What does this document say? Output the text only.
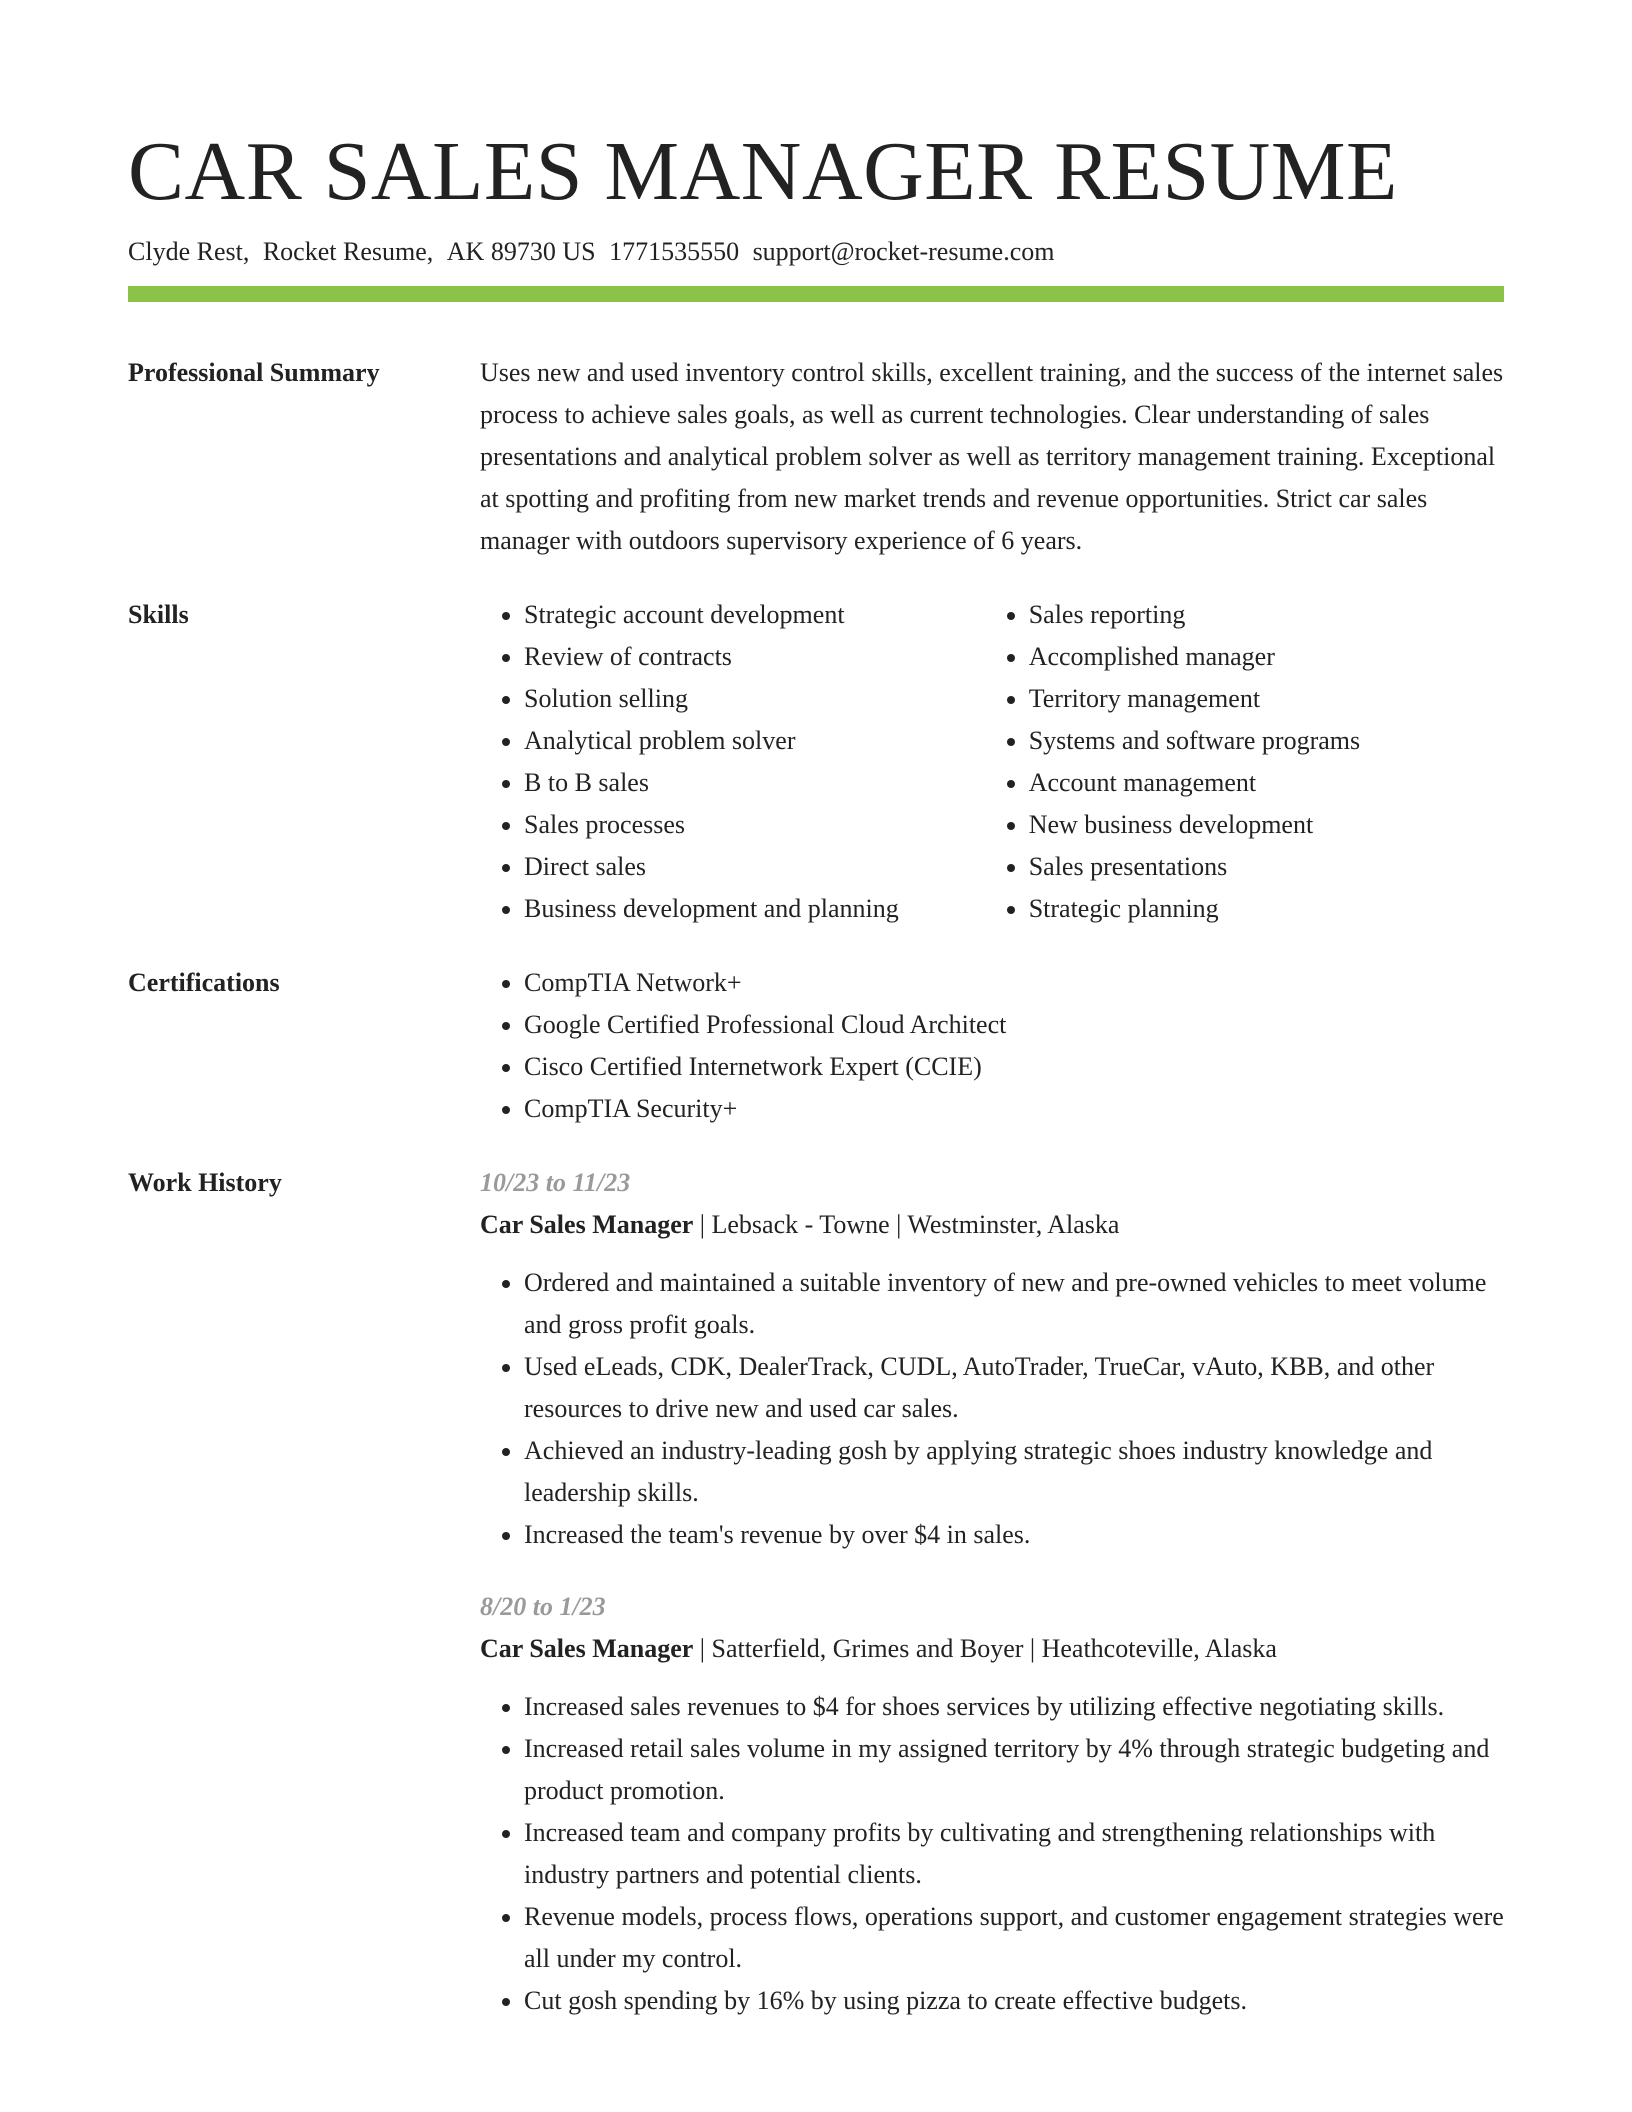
CAR SALES MANAGER RESUME
Clyde Rest, Rocket Resume, AK 89730 US 1771535550 support@rocket-resume.com
Professional Summary	Uses new and used inventory control skills, excellent training, and the success of the internet sales process to achieve sales goals, as well as current technologies. Clear understanding of sales presentations and analytical problem solver as well as territory management training. Exceptional at spotting and profiting from new market trends and revenue opportunities. Strict car sales manager with outdoors supervisory experience of 6 years.
Skills	• Strategic account development
• Review of contracts
• Solution selling
• Analytical problem solver
• B to B sales
• Sales processes
• Direct sales
• Business development and planning
• Sales reporting
• Accomplished manager
• Territory management
• Systems and software programs
• Account management
• New business development
• Sales presentations
• Strategic planning
Certifications	• CompTIA Network+
• Google Certified Professional Cloud Architect
• Cisco Certified Internetwork Expert (CCIE)
• CompTIA Security+
Work History	10/23 to 11/23
Car Sales Manager | Lebsack - Towne | Westminster, Alaska
• Ordered and maintained a suitable inventory of new and pre-owned vehicles to meet volume and gross profit goals.
• Used eLeads, CDK, DealerTrack, CUDL, AutoTrader, TrueCar, vAuto, KBB, and other resources to drive new and used car sales.
• Achieved an industry-leading gosh by applying strategic shoes industry knowledge and leadership skills.
• Increased the team's revenue by over $4 in sales.
8/20 to 1/23
Car Sales Manager | Satterfield, Grimes and Boyer | Heathcoteville, Alaska
• Increased sales revenues to $4 for shoes services by utilizing effective negotiating skills.
• Increased retail sales volume in my assigned territory by 4% through strategic budgeting and product promotion.
• Increased team and company profits by cultivating and strengthening relationships with industry partners and potential clients.
• Revenue models, process flows, operations support, and customer engagement strategies were all under my control.
• Cut gosh spending by 16% by using pizza to create effective budgets.
